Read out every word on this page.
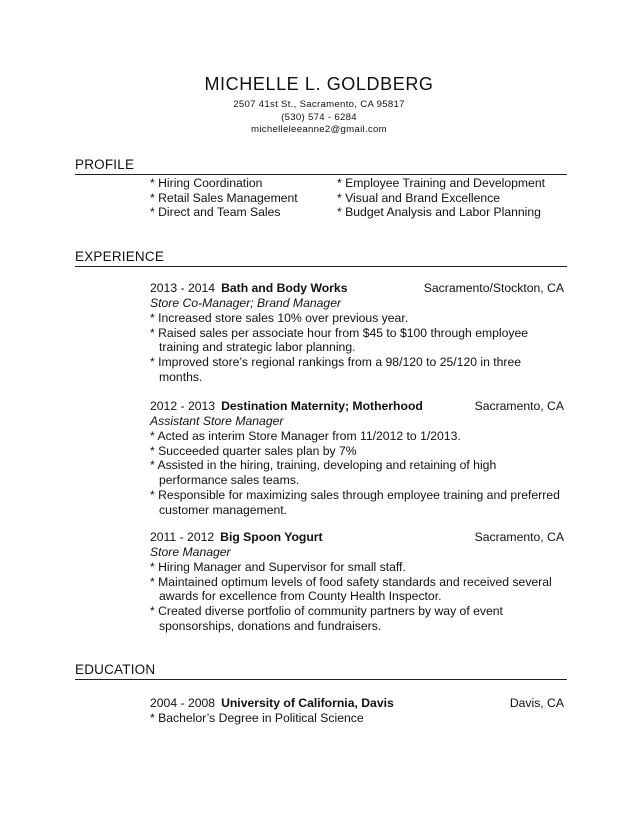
MICHELLE L. GOLDBERG
2507 41st St., Sacramento, CA 95817
(530) 574 - 6284
michelleleeanne2@gmail.com
PROFILE
* Hiring Coordination
* Retail Sales Management
* Direct and Team Sales
* Employee Training and Development
* Visual and Brand Excellence
* Budget Analysis and Labor Planning
EXPERIENCE
2013 - 2014 Bath and Body Works	Sacramento/Stockton, CA
Store Co-Manager; Brand Manager
* Increased store sales 10% over previous year.
* Raised sales per associate hour from $45 to $100 through employee training and strategic labor planning.
* Improved store’s regional rankings from a 98/120 to 25/120 in three months.
2012 - 2013 Destination Maternity; Motherhood	Sacramento, CA
Assistant Store Manager
* Acted as interim Store Manager from 11/2012 to 1/2013.
* Succeeded quarter sales plan by 7%
* Assisted in the hiring, training, developing and retaining of high performance sales teams.
* Responsible for maximizing sales through employee training and preferred customer management.
2011 - 2012 Big Spoon Yogurt	Sacramento, CA
Store Manager
* Hiring Manager and Supervisor for small staff.
* Maintained optimum levels of food safety standards and received several awards for excellence from County Health Inspector.
* Created diverse portfolio of community partners by way of event sponsorships, donations and fundraisers.
EDUCATION
2004 - 2008 University of California, Davis	Davis, CA
* Bachelor’s Degree in Political Science
